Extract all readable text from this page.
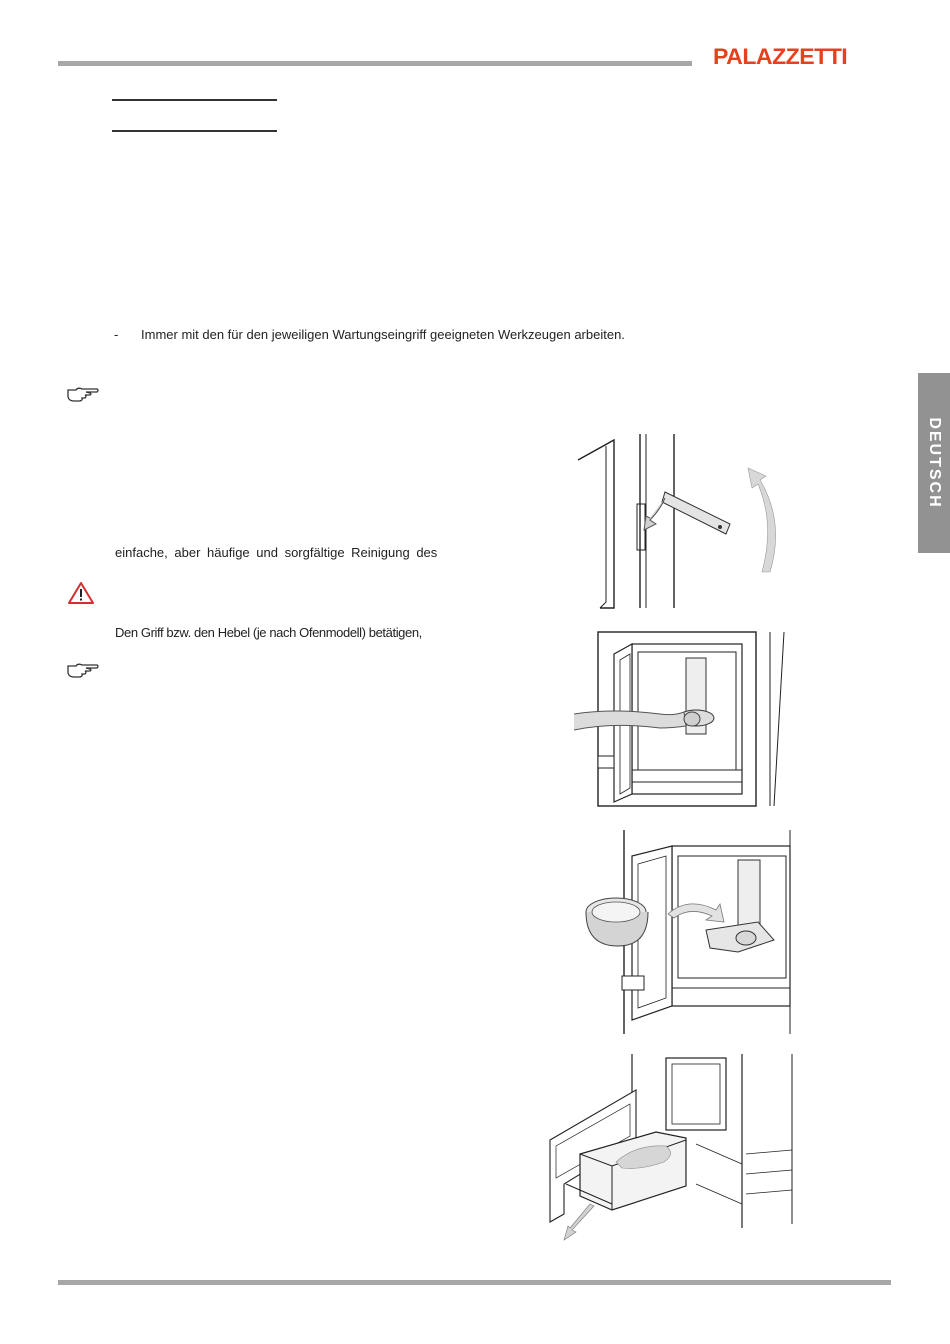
PALAZZETTI
- Immer mit den für den jeweiligen Wartungseingriff geeigneten Werkzeugen arbeiten.
einfache, aber häufige und sorgfältige Reinigung des
Den Griff bzw. den Hebel (je nach Ofenmodell) betätigen,
DEUTSCH
